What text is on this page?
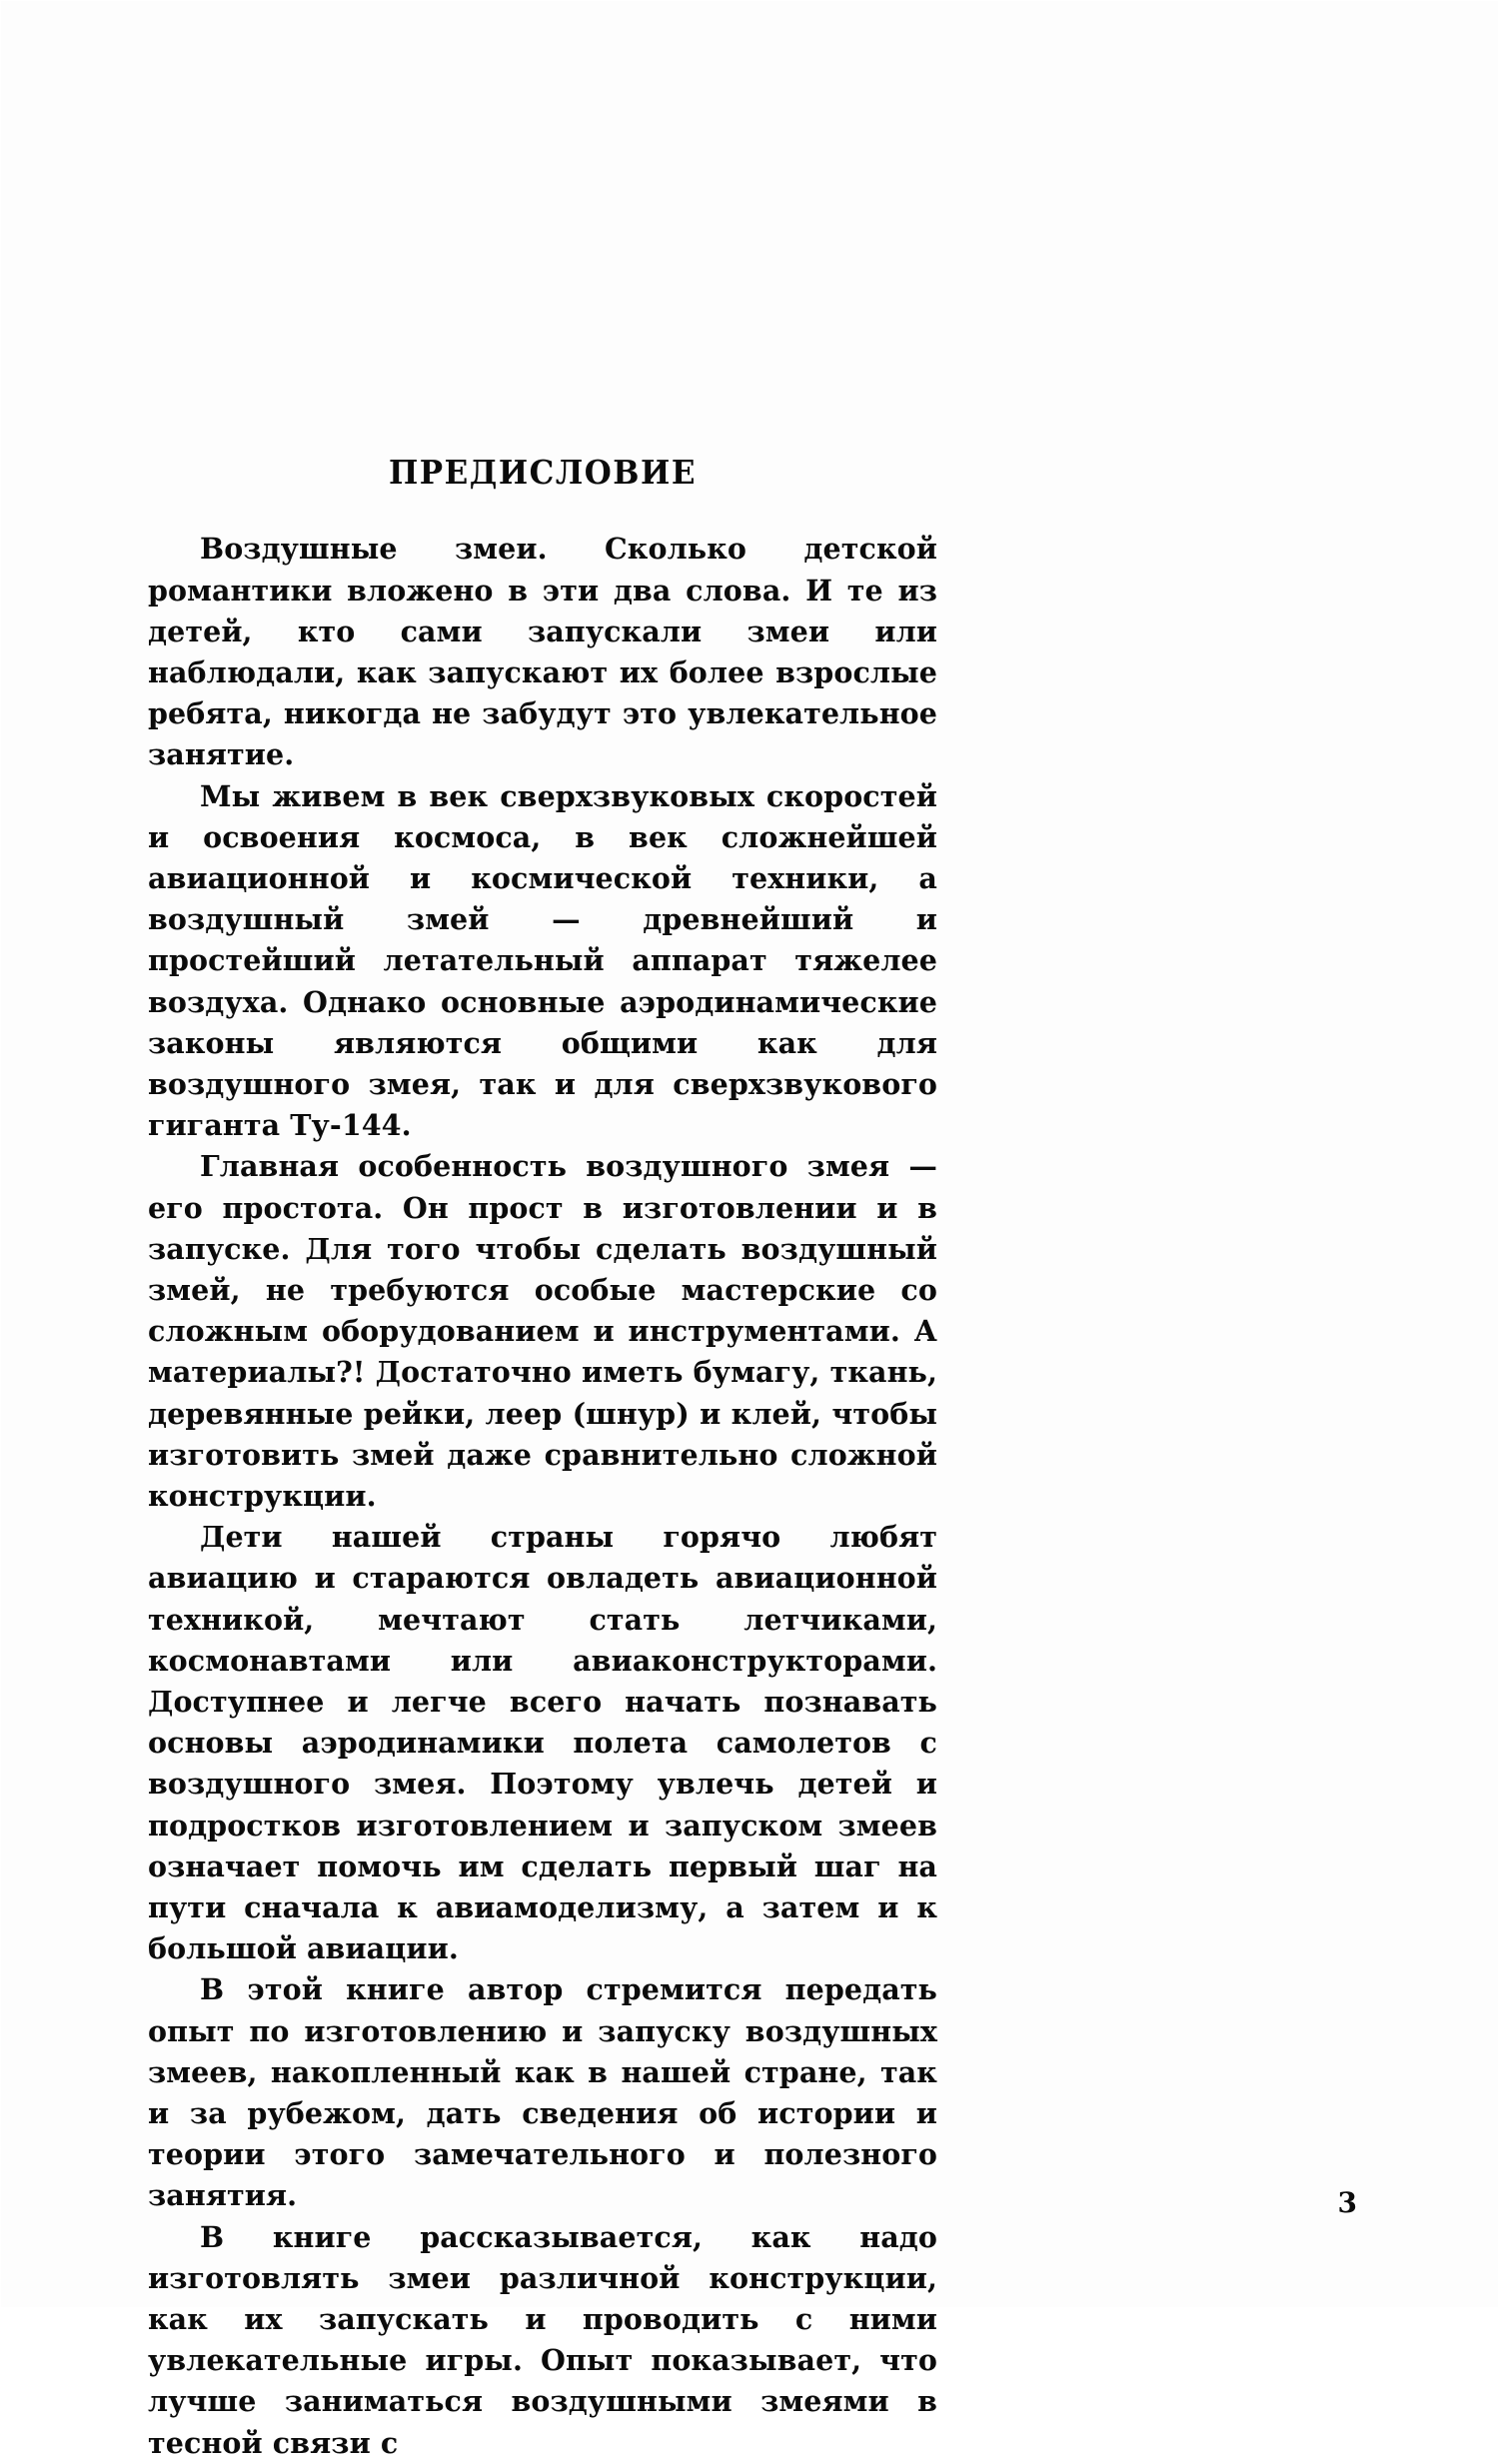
ПРЕДИСЛОВИЕ

Воздушные змеи. Сколько детской романтики вложено в эти два слова. И те из детей, кто сами запускали змеи или наблюдали, как запускают их более взрослые ребята, никогда не забудут это увлекательное занятие.

Мы живем в век сверхзвуковых скоростей и освоения космоса, в век сложнейшей авиационной и космической техники, а воздушный змей — древнейший и простейший летательный аппарат тяжелее воздуха. Однако основные аэродинамические законы являются общими как для воздушного змея, так и для сверхзвукового гиганта Ту-144.

Главная особенность воздушного змея — его простота. Он прост в изготовлении и в запуске. Для того чтобы сделать воздушный змей, не требуются особые мастерские со сложным оборудованием и инструментами. А материалы?! Достаточно иметь бумагу, ткань, деревянные рейки, леер (шнур) и клей, чтобы изготовить змей даже сравнительно сложной конструкции.

Дети нашей страны горячо любят авиацию и стараются овладеть авиационной техникой, мечтают стать летчиками, космонавтами или авиаконструкторами. Доступнее и легче всего начать познавать основы аэродинамики полета самолетов с воздушного змея. Поэтому увлечь детей и подростков изготовлением и запуском змеев означает помочь им сделать первый шаг на пути сначала к авиамоделизму, а затем и к большой авиации.

В этой книге автор стремится передать опыт по изготовлению и запуску воздушных змеев, накопленный как в нашей стране, так и за рубежом, дать сведения об истории и теории этого замечательного и полезного занятия.

В книге рассказывается, как надо изготовлять змеи различной конструкции, как их запускать и проводить с ними увлекательные игры. Опыт показывает, что лучше заниматься воздушными змеями в тесной связи с

3
